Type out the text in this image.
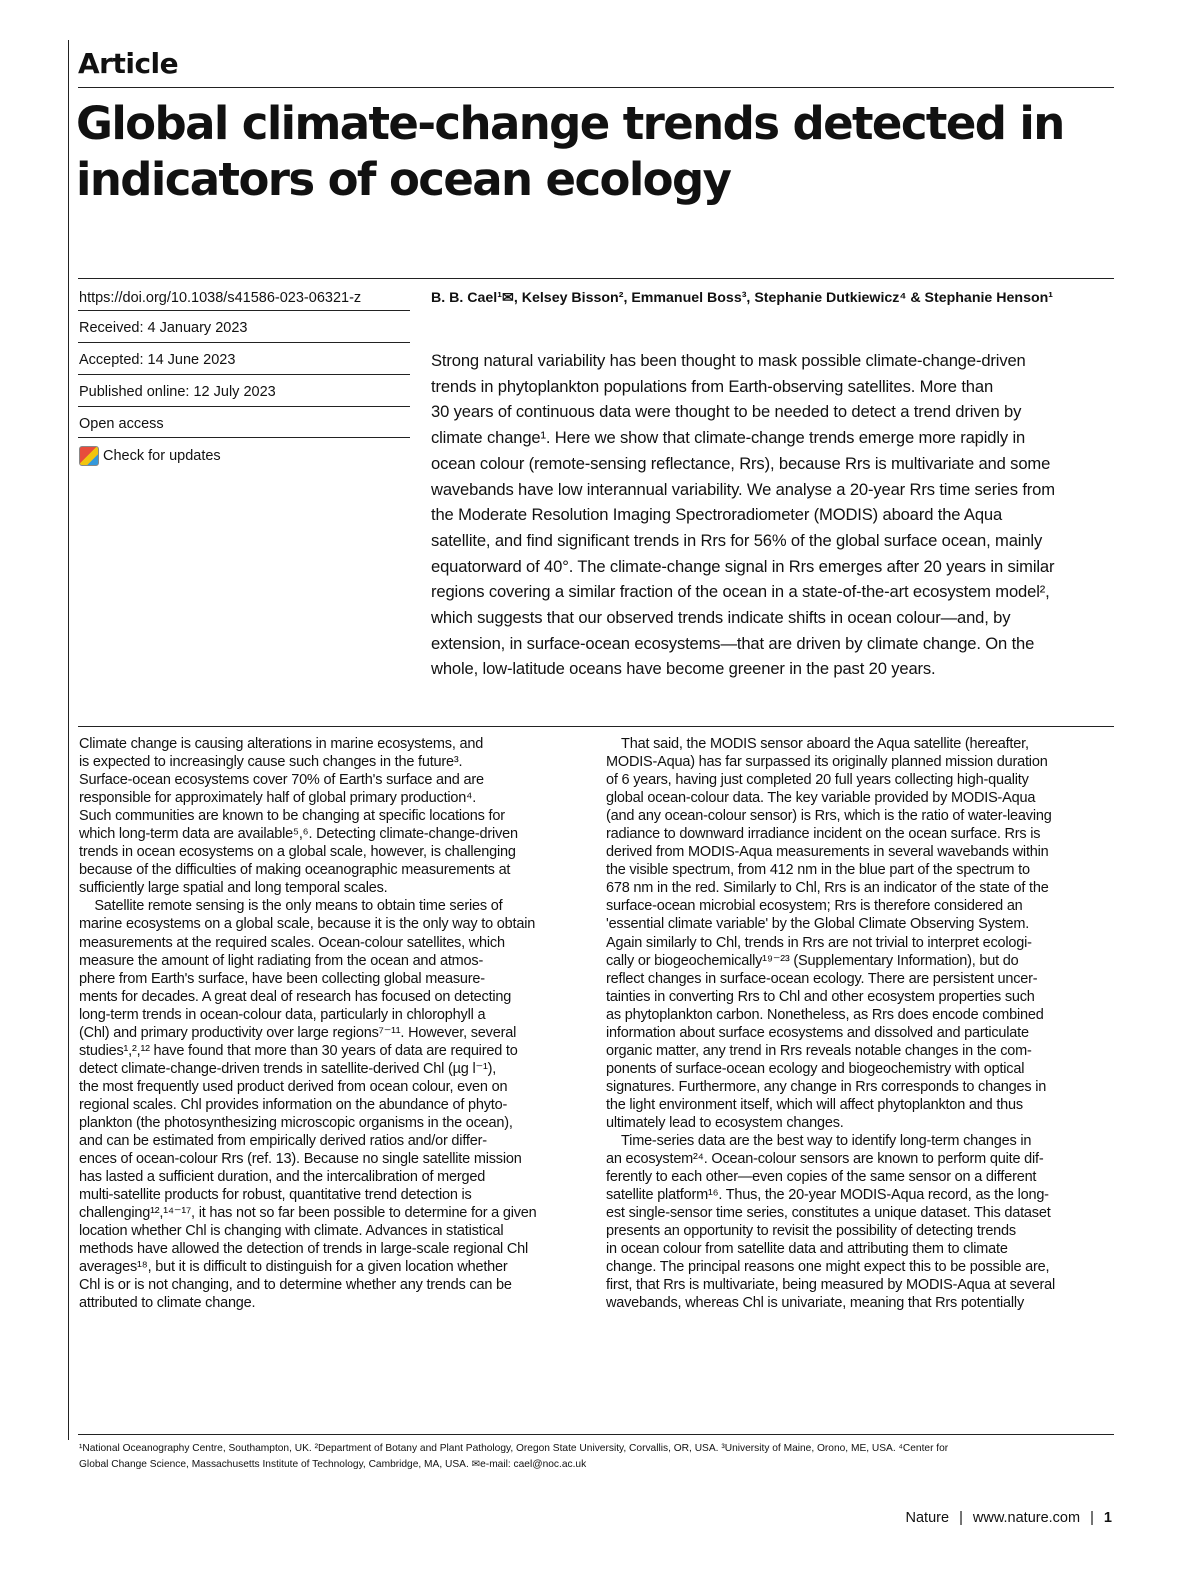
Article
Global climate-change trends detected in
indicators of ocean ecology
https://doi.org/10.1038/s41586-023-06321-z
Received: 4 January 2023
Accepted: 14 June 2023
Published online: 12 July 2023
Open access
Check for updates
B. B. Cael¹✉, Kelsey Bisson², Emmanuel Boss³, Stephanie Dutkiewicz⁴ & Stephanie Henson¹
Strong natural variability has been thought to mask possible climate-change-driven
trends in phytoplankton populations from Earth-observing satellites. More than
30 years of continuous data were thought to be needed to detect a trend driven by
climate change¹. Here we show that climate-change trends emerge more rapidly in
ocean colour (remote-sensing reflectance, Rrs), because Rrs is multivariate and some
wavebands have low interannual variability. We analyse a 20-year Rrs time series from
the Moderate Resolution Imaging Spectroradiometer (MODIS) aboard the Aqua
satellite, and find significant trends in Rrs for 56% of the global surface ocean, mainly
equatorward of 40°. The climate-change signal in Rrs emerges after 20 years in similar
regions covering a similar fraction of the ocean in a state-of-the-art ecosystem model²,
which suggests that our observed trends indicate shifts in ocean colour—and, by
extension, in surface-ocean ecosystems—that are driven by climate change. On the
whole, low-latitude oceans have become greener in the past 20 years.
Climate change is causing alterations in marine ecosystems, and
is expected to increasingly cause such changes in the future³.
Surface-ocean ecosystems cover 70% of Earth's surface and are
responsible for approximately half of global primary production⁴.
Such communities are known to be changing at specific locations for
which long-term data are available⁵,⁶. Detecting climate-change-driven
trends in ocean ecosystems on a global scale, however, is challenging
because of the difficulties of making oceanographic measurements at
sufficiently large spatial and long temporal scales.
Satellite remote sensing is the only means to obtain time series of
marine ecosystems on a global scale, because it is the only way to obtain
measurements at the required scales. Ocean-colour satellites, which
measure the amount of light radiating from the ocean and atmos-
phere from Earth's surface, have been collecting global measure-
ments for decades. A great deal of research has focused on detecting
long-term trends in ocean-colour data, particularly in chlorophyll a
(Chl) and primary productivity over large regions⁷⁻¹¹. However, several
studies¹,²,¹² have found that more than 30 years of data are required to
detect climate-change-driven trends in satellite-derived Chl (µg l⁻¹),
the most frequently used product derived from ocean colour, even on
regional scales. Chl provides information on the abundance of phyto-
plankton (the photosynthesizing microscopic organisms in the ocean),
and can be estimated from empirically derived ratios and/or differ-
ences of ocean-colour Rrs (ref. 13). Because no single satellite mission
has lasted a sufficient duration, and the intercalibration of merged
multi-satellite products for robust, quantitative trend detection is
challenging¹²,¹⁴⁻¹⁷, it has not so far been possible to determine for a given
location whether Chl is changing with climate. Advances in statistical
methods have allowed the detection of trends in large-scale regional Chl
averages¹⁸, but it is difficult to distinguish for a given location whether
Chl is or is not changing, and to determine whether any trends can be
attributed to climate change.
That said, the MODIS sensor aboard the Aqua satellite (hereafter,
MODIS-Aqua) has far surpassed its originally planned mission duration
of 6 years, having just completed 20 full years collecting high-quality
global ocean-colour data. The key variable provided by MODIS-Aqua
(and any ocean-colour sensor) is Rrs, which is the ratio of water-leaving
radiance to downward irradiance incident on the ocean surface. Rrs is
derived from MODIS-Aqua measurements in several wavebands within
the visible spectrum, from 412 nm in the blue part of the spectrum to
678 nm in the red. Similarly to Chl, Rrs is an indicator of the state of the
surface-ocean microbial ecosystem; Rrs is therefore considered an
'essential climate variable' by the Global Climate Observing System.
Again similarly to Chl, trends in Rrs are not trivial to interpret ecologi-
cally or biogeochemically¹⁹⁻²³ (Supplementary Information), but do
reflect changes in surface-ocean ecology. There are persistent uncer-
tainties in converting Rrs to Chl and other ecosystem properties such
as phytoplankton carbon. Nonetheless, as Rrs does encode combined
information about surface ecosystems and dissolved and particulate
organic matter, any trend in Rrs reveals notable changes in the com-
ponents of surface-ocean ecology and biogeochemistry with optical
signatures. Furthermore, any change in Rrs corresponds to changes in
the light environment itself, which will affect phytoplankton and thus
ultimately lead to ecosystem changes.
Time-series data are the best way to identify long-term changes in
an ecosystem²⁴. Ocean-colour sensors are known to perform quite dif-
ferently to each other—even copies of the same sensor on a different
satellite platform¹⁶. Thus, the 20-year MODIS-Aqua record, as the long-
est single-sensor time series, constitutes a unique dataset. This dataset
presents an opportunity to revisit the possibility of detecting trends
in ocean colour from satellite data and attributing them to climate
change. The principal reasons one might expect this to be possible are,
first, that Rrs is multivariate, being measured by MODIS-Aqua at several
wavebands, whereas Chl is univariate, meaning that Rrs potentially
¹National Oceanography Centre, Southampton, UK. ²Department of Botany and Plant Pathology, Oregon State University, Corvallis, OR, USA. ³University of Maine, Orono, ME, USA. ⁴Center for
Global Change Science, Massachusetts Institute of Technology, Cambridge, MA, USA. ✉e-mail: cael@noc.ac.uk
Nature | www.nature.com | 1
